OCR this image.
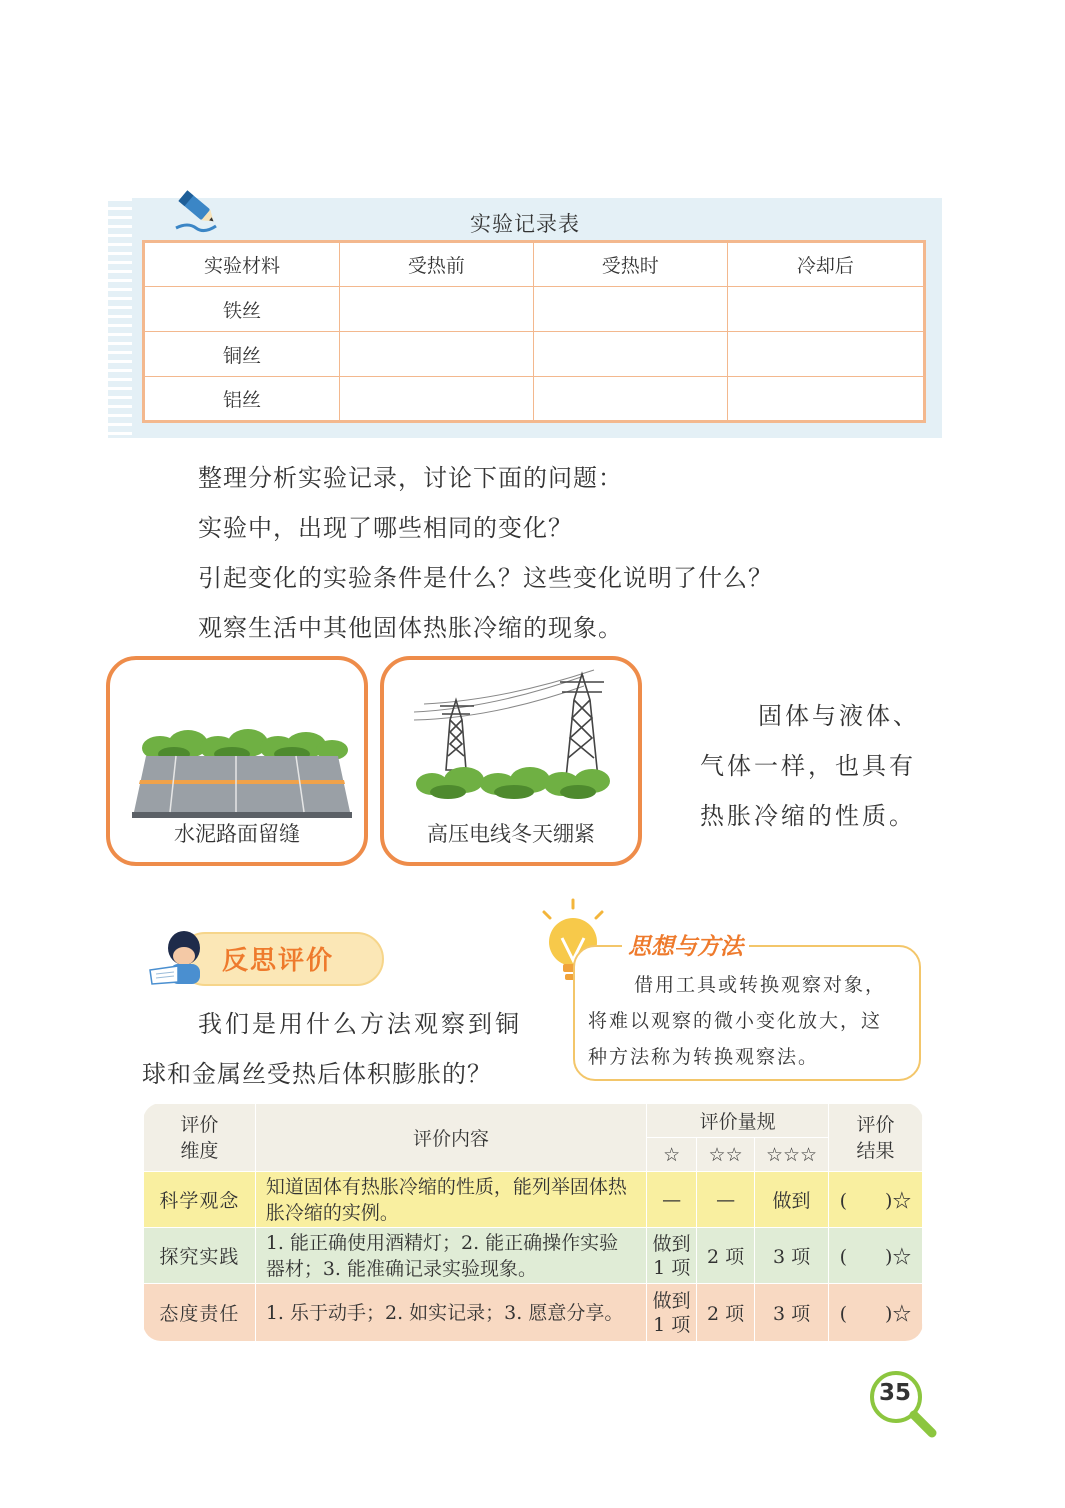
实验记录表
实验材料	受热前	受热时	冷却后
铁丝			
铜丝			
铝丝			
整理分析实验记录，讨论下面的问题：
实验中，出现了哪些相同的变化？
引起变化的实验条件是什么？这些变化说明了什么？
观察生活中其他固体热胀冷缩的现象。
水泥路面留缝	高压电线冬天绷紧
固体与液体、
气体一样，也具有
热胀冷缩的性质。
反思评价
我们是用什么方法观察到铜
球和金属丝受热后体积膨胀的？
思想与方法
借用工具或转换观察对象，
将难以观察的微小变化放大，这
种方法称为转换观察法。
评价
维度	评价内容	评价量规			评价
结果
		☆	☆☆	☆☆☆	
科学观念	知道固体有热胀冷缩的性质，能列举固体热胀冷缩的实例。	—	—	做到	(　　)☆
探究实践	1. 能正确使用酒精灯；2. 能正确操作实验器材；3. 能准确记录实验现象。	做到1 项	2 项	3 项	(　　)☆
态度责任	1. 乐于动手；2. 如实记录；3. 愿意分享。	做到1 项	2 项	3 项	(　　)☆
35
